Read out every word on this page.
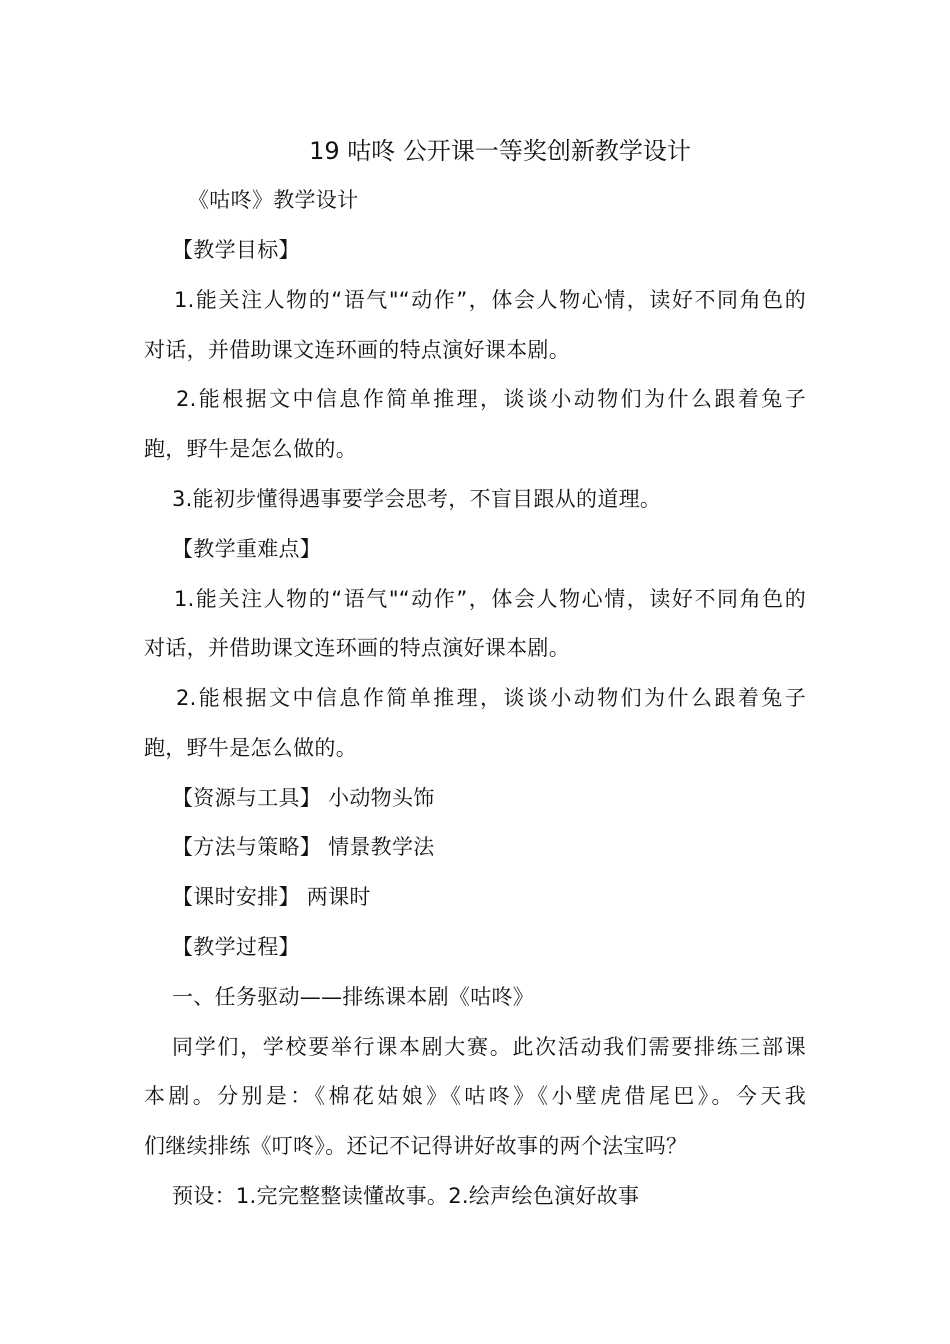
19 咕咚 公开课一等奖创新教学设计
《咕咚》教学设计
【教学目标】
1.能关注人物的“语气"“动作”，体会人物心情，读好不同角色的
对话，并借助课文连环画的特点演好课本剧。
2.能根据文中信息作简单推理，谈谈小动物们为什么跟着兔子
跑，野牛是怎么做的。
3.能初步懂得遇事要学会思考，不盲目跟从的道理。
【教学重难点】
1.能关注人物的“语气"“动作”，体会人物心情，读好不同角色的
对话，并借助课文连环画的特点演好课本剧。
2.能根据文中信息作简单推理，谈谈小动物们为什么跟着兔子
跑，野牛是怎么做的。
【资源与工具】 小动物头饰
【方法与策略】 情景教学法
【课时安排】 两课时
【教学过程】
一、任务驱动——排练课本剧《咕咚》
同学们，学校要举行课本剧大赛。此次活动我们需要排练三部课
本剧。分别是：《棉花姑娘》《咕咚》《小壁虎借尾巴》。今天我
们继续排练《叮咚》。还记不记得讲好故事的两个法宝吗？
预设：1.完完整整读懂故事。2.绘声绘色演好故事
